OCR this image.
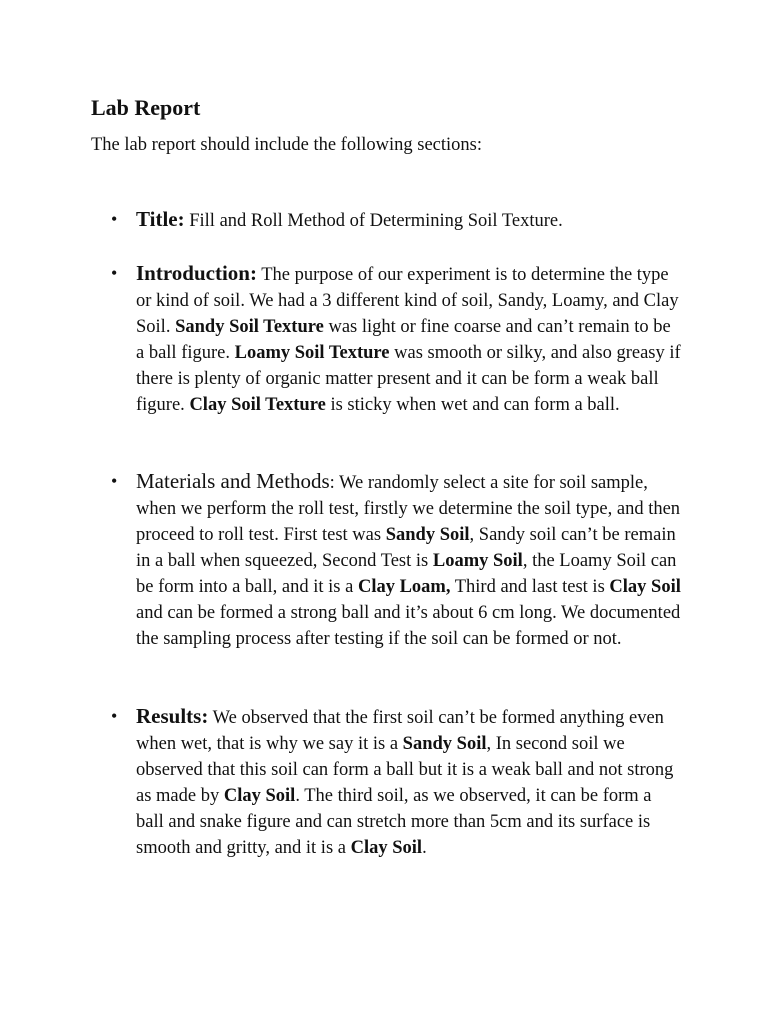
Lab Report

The lab report should include the following sections:

• Title: Fill and Roll Method of Determining Soil Texture.
• Introduction: The purpose of our experiment is to determine the type or kind of soil. We had a 3 different kind of soil, Sandy, Loamy, and Clay Soil. Sandy Soil Texture was light or fine coarse and can’t remain to be a ball figure. Loamy Soil Texture was smooth or silky, and also greasy if there is plenty of organic matter present and it can be form a weak ball figure. Clay Soil Texture is sticky when wet and can form a ball.
• Materials and Methods: We randomly select a site for soil sample, when we perform the roll test, firstly we determine the soil type, and then proceed to roll test. First test was Sandy Soil, Sandy soil can’t be remain in a ball when squeezed, Second Test is Loamy Soil, the Loamy Soil can be form into a ball, and it is a Clay Loam, Third and last test is Clay Soil and can be formed a strong ball and it’s about 6 cm long. We documented the sampling process after testing if the soil can be formed or not.
• Results: We observed that the first soil can’t be formed anything even when wet, that is why we say it is a Sandy Soil, In second soil we observed that this soil can form a ball but it is a weak ball and not strong as made by Clay Soil. The third soil, as we observed, it can be form a ball and snake figure and can stretch more than 5cm and its surface is smooth and gritty, and it is a Clay Soil.
